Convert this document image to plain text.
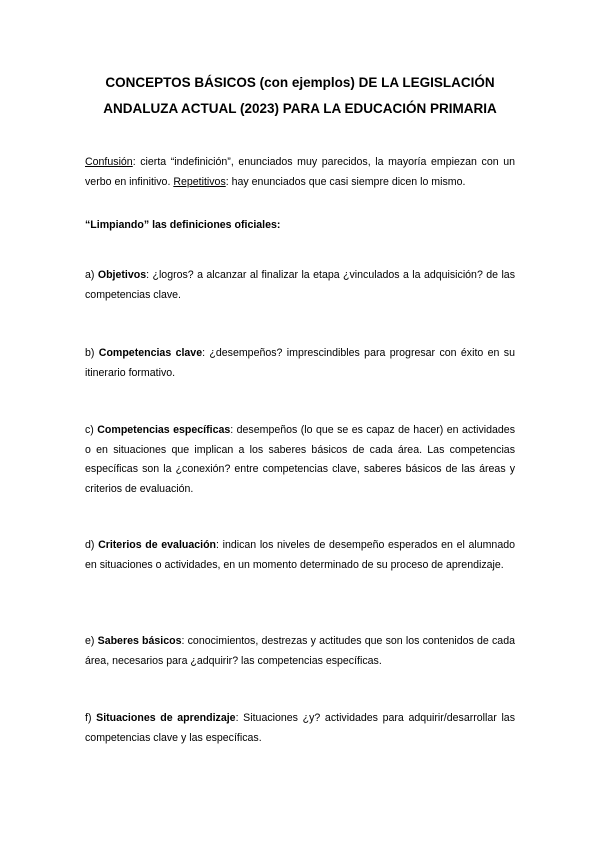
CONCEPTOS BÁSICOS (con ejemplos) DE LA LEGISLACIÓN
ANDALUZA ACTUAL (2023) PARA LA EDUCACIÓN PRIMARIA
Confusión: cierta “indefinición”, enunciados muy parecidos, la mayoría empiezan con un verbo en infinitivo. Repetitivos: hay enunciados que casi siempre dicen lo mismo.
“Limpiando” las definiciones oficiales:
a) Objetivos: ¿logros? a alcanzar al finalizar la etapa ¿vinculados a la adquisición? de las competencias clave.
b) Competencias clave: ¿desempeños? imprescindibles para progresar con éxito en su itinerario formativo.
c) Competencias específicas: desempeños (lo que se es capaz de hacer) en actividades o en situaciones que implican a los saberes básicos de cada área. Las competencias específicas son la ¿conexión? entre competencias clave, saberes básicos de las áreas y criterios de evaluación.
d) Criterios de evaluación: indican los niveles de desempeño esperados en el alumnado en situaciones o actividades, en un momento determinado de su proceso de aprendizaje.
e) Saberes básicos: conocimientos, destrezas y actitudes que son los contenidos de cada área, necesarios para ¿adquirir? las competencias específicas.
f) Situaciones de aprendizaje: Situaciones ¿y? actividades para adquirir/desarrollar las competencias clave y las específicas.
